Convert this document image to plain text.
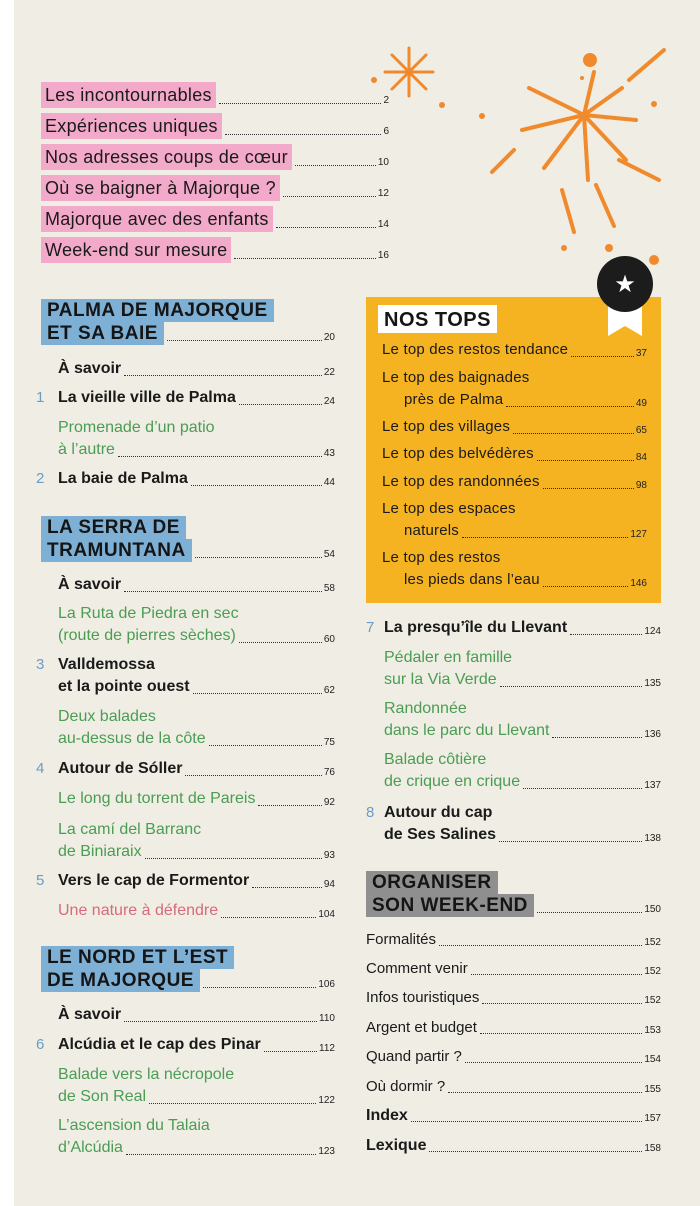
Les incontournables	2
Expériences uniques	6
Nos adresses coups de cœur	10
Où se baigner à Majorque ?	12
Majorque avec des enfants	14
Week-end sur mesure	16
PALMA DE MAJORQUE
ET SA BAIE	20
À savoir	22
1 La vieille ville de Palma	24
Promenade d’un patio
à l’autre	43
2 La baie de Palma	44
LA SERRA DE
TRAMUNTANA	54
À savoir	58
La Ruta de Piedra en sec
(route de pierres sèches)	60
3 Valldemossa
et la pointe ouest	62
Deux balades
au-dessus de la côte	75
4 Autour de Sóller	76
Le long du torrent de Pareis	92
La camí del Barranc
de Biniaraix	93
5 Vers le cap de Formentor	94
Une nature à défendre	104
LE NORD ET L’EST
DE MAJORQUE	106
À savoir	110
6 Alcúdia et le cap des Pinar	112
Balade vers la nécropole
de Son Real	122
L’ascension du Talaia
d’Alcúdia	123
NOS TOPS
Le top des restos tendance	37
Le top des baignades
près de Palma	49
Le top des villages	65
Le top des belvédères	84
Le top des randonnées	98
Le top des espaces
naturels	127
Le top des restos
les pieds dans l’eau	146
★
7 La presqu’île du Llevant	124
Pédaler en famille
sur la Via Verde	135
Randonnée
dans le parc du Llevant	136
Balade côtière
de crique en crique	137
8 Autour du cap
de Ses Salines	138
ORGANISER
SON WEEK-END	150
Formalités	152
Comment venir	152
Infos touristiques	152
Argent et budget	153
Quand partir ?	154
Où dormir ?	155
Index	157
Lexique	158
